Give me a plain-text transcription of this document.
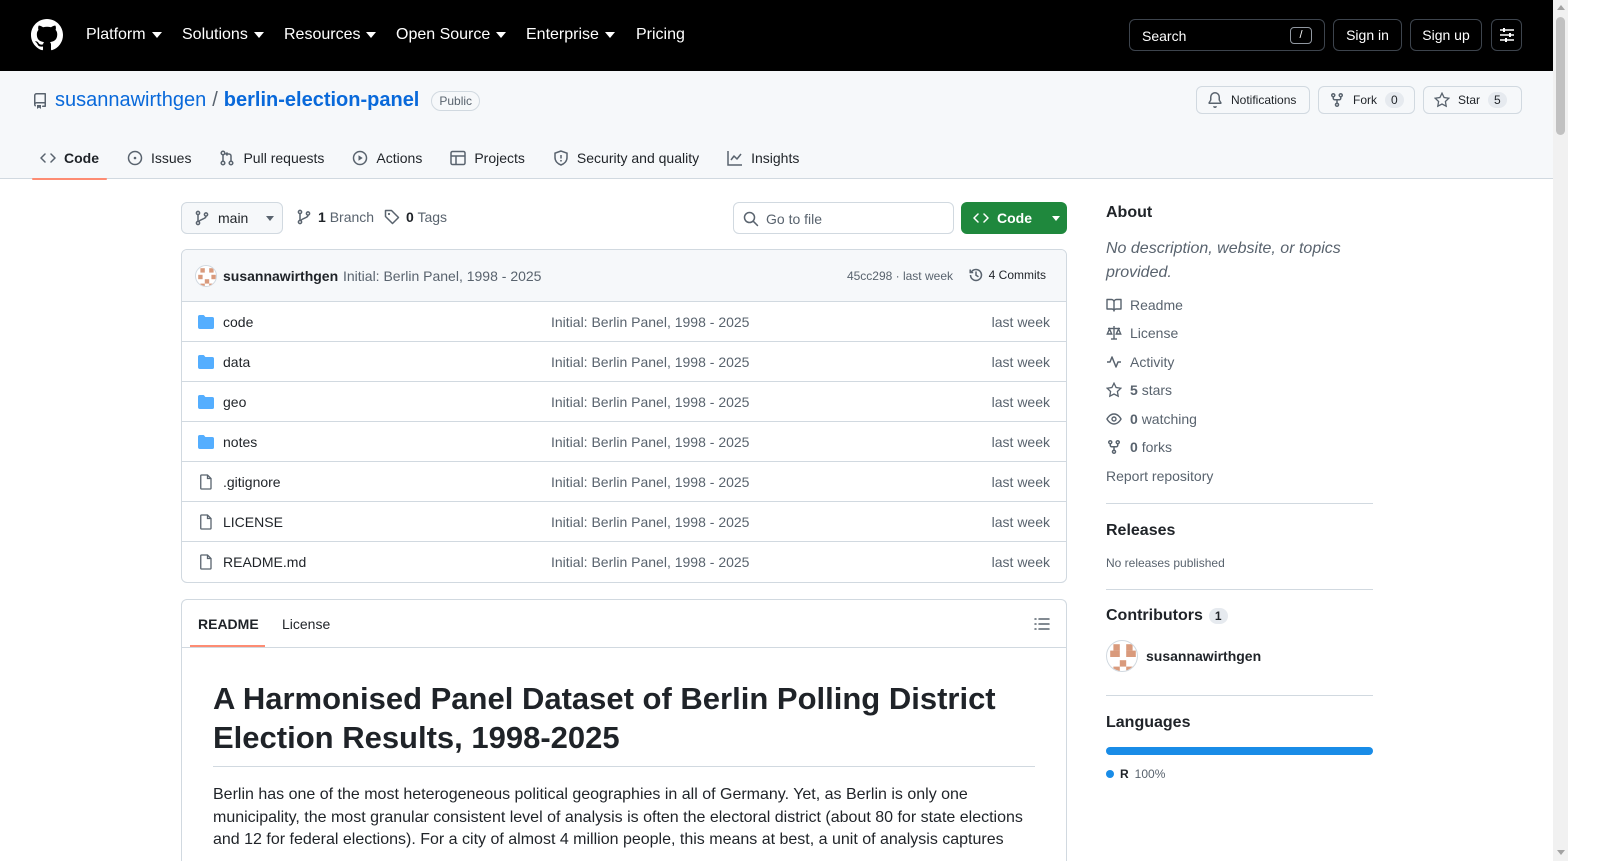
Platform Solutions Resources Open Source Enterprise Pricing	Search	/	Sign in	Sign up
susannawirthgen / berlin-election-panel	Public	Notifications	Fork	0	Star	5
Code	Issues	Pull requests	Actions	Projects	Security and quality	Insights
main	1 Branch 0 Tags	Go to file	Code
susannawirthgen Initial: Berlin Panel, 1998 - 2025	45cc298 · last week	4 Commits
code	Initial: Berlin Panel, 1998 - 2025	last week
data	Initial: Berlin Panel, 1998 - 2025	last week
geo	Initial: Berlin Panel, 1998 - 2025	last week
notes	Initial: Berlin Panel, 1998 - 2025	last week
.gitignore	Initial: Berlin Panel, 1998 - 2025	last week
LICENSE	Initial: Berlin Panel, 1998 - 2025	last week
README.md	Initial: Berlin Panel, 1998 - 2025	last week
README License
A Harmonised Panel Dataset of Berlin Polling District Election Results, 1998-2025

Berlin has one of the most heterogeneous political geographies in all of Germany. Yet, as Berlin is only one municipality, the most granular consistent level of analysis is often the electoral district (about 80 for state elections and 12 for federal elections). For a city of almost 4 million people, this means at best, a unit of analysis captures

About
No description, website, or topics provided.
Readme
License
Activity
5 stars
0 watching
0 forks
Report repository
Releases
No releases published
Contributors	1
susannawirthgen
Languages
R 100%
